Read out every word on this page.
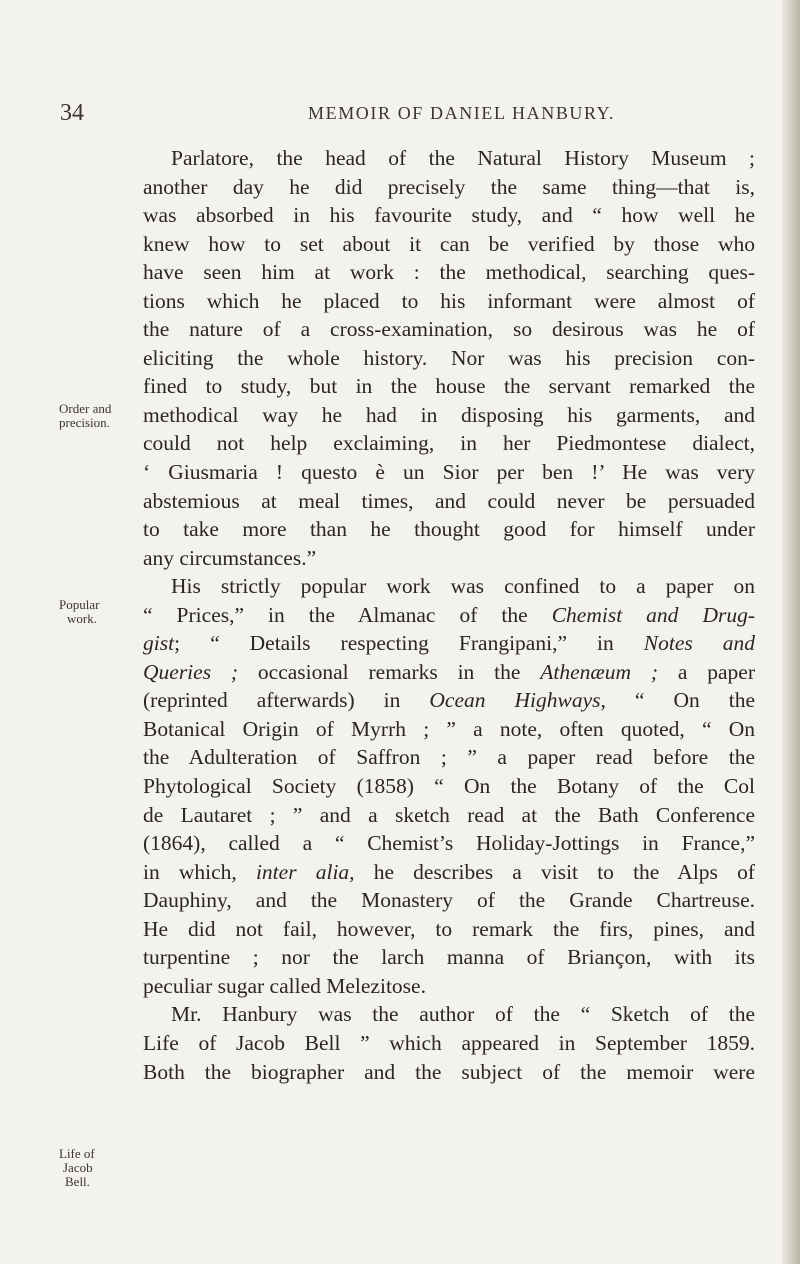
34	MEMOIR OF DANIEL HANBURY.
Order and
precision.
Popular
work.
Life of
Jacob
Bell.
Parlatore, the head of the Natural History Museum ;
another day he did precisely the same thing—that is,
was absorbed in his favourite study, and “ how well he
knew how to set about it can be verified by those who
have seen him at work : the methodical, searching ques-
tions which he placed to his informant were almost of
the nature of a cross-examination, so desirous was he of
eliciting the whole history. Nor was his precision con-
fined to study, but in the house the servant remarked the
methodical way he had in disposing his garments, and
could not help exclaiming, in her Piedmontese dialect,
‘ Giusmaria ! questo è un Sior per ben !’ He was very
abstemious at meal times, and could never be persuaded
to take more than he thought good for himself under
any circumstances.”
His strictly popular work was confined to a paper on
“ Prices,” in the Almanac of the Chemist and Drug-
gist; “ Details respecting Frangipani,” in Notes and
Queries ; occasional remarks in the Athenæum ; a paper
(reprinted afterwards) in Ocean Highways, “ On the
Botanical Origin of Myrrh ; ” a note, often quoted, “ On
the Adulteration of Saffron ; ” a paper read before the
Phytological Society (1858) “ On the Botany of the Col
de Lautaret ; ” and a sketch read at the Bath Conference
(1864), called a “ Chemist’s Holiday-Jottings in France,”
in which, inter alia, he describes a visit to the Alps of
Dauphiny, and the Monastery of the Grande Chartreuse.
He did not fail, however, to remark the firs, pines, and
turpentine ; nor the larch manna of Briançon, with its
peculiar sugar called Melezitose.
Mr. Hanbury was the author of the “ Sketch of the
Life of Jacob Bell ” which appeared in September 1859.
Both the biographer and the subject of the memoir were
